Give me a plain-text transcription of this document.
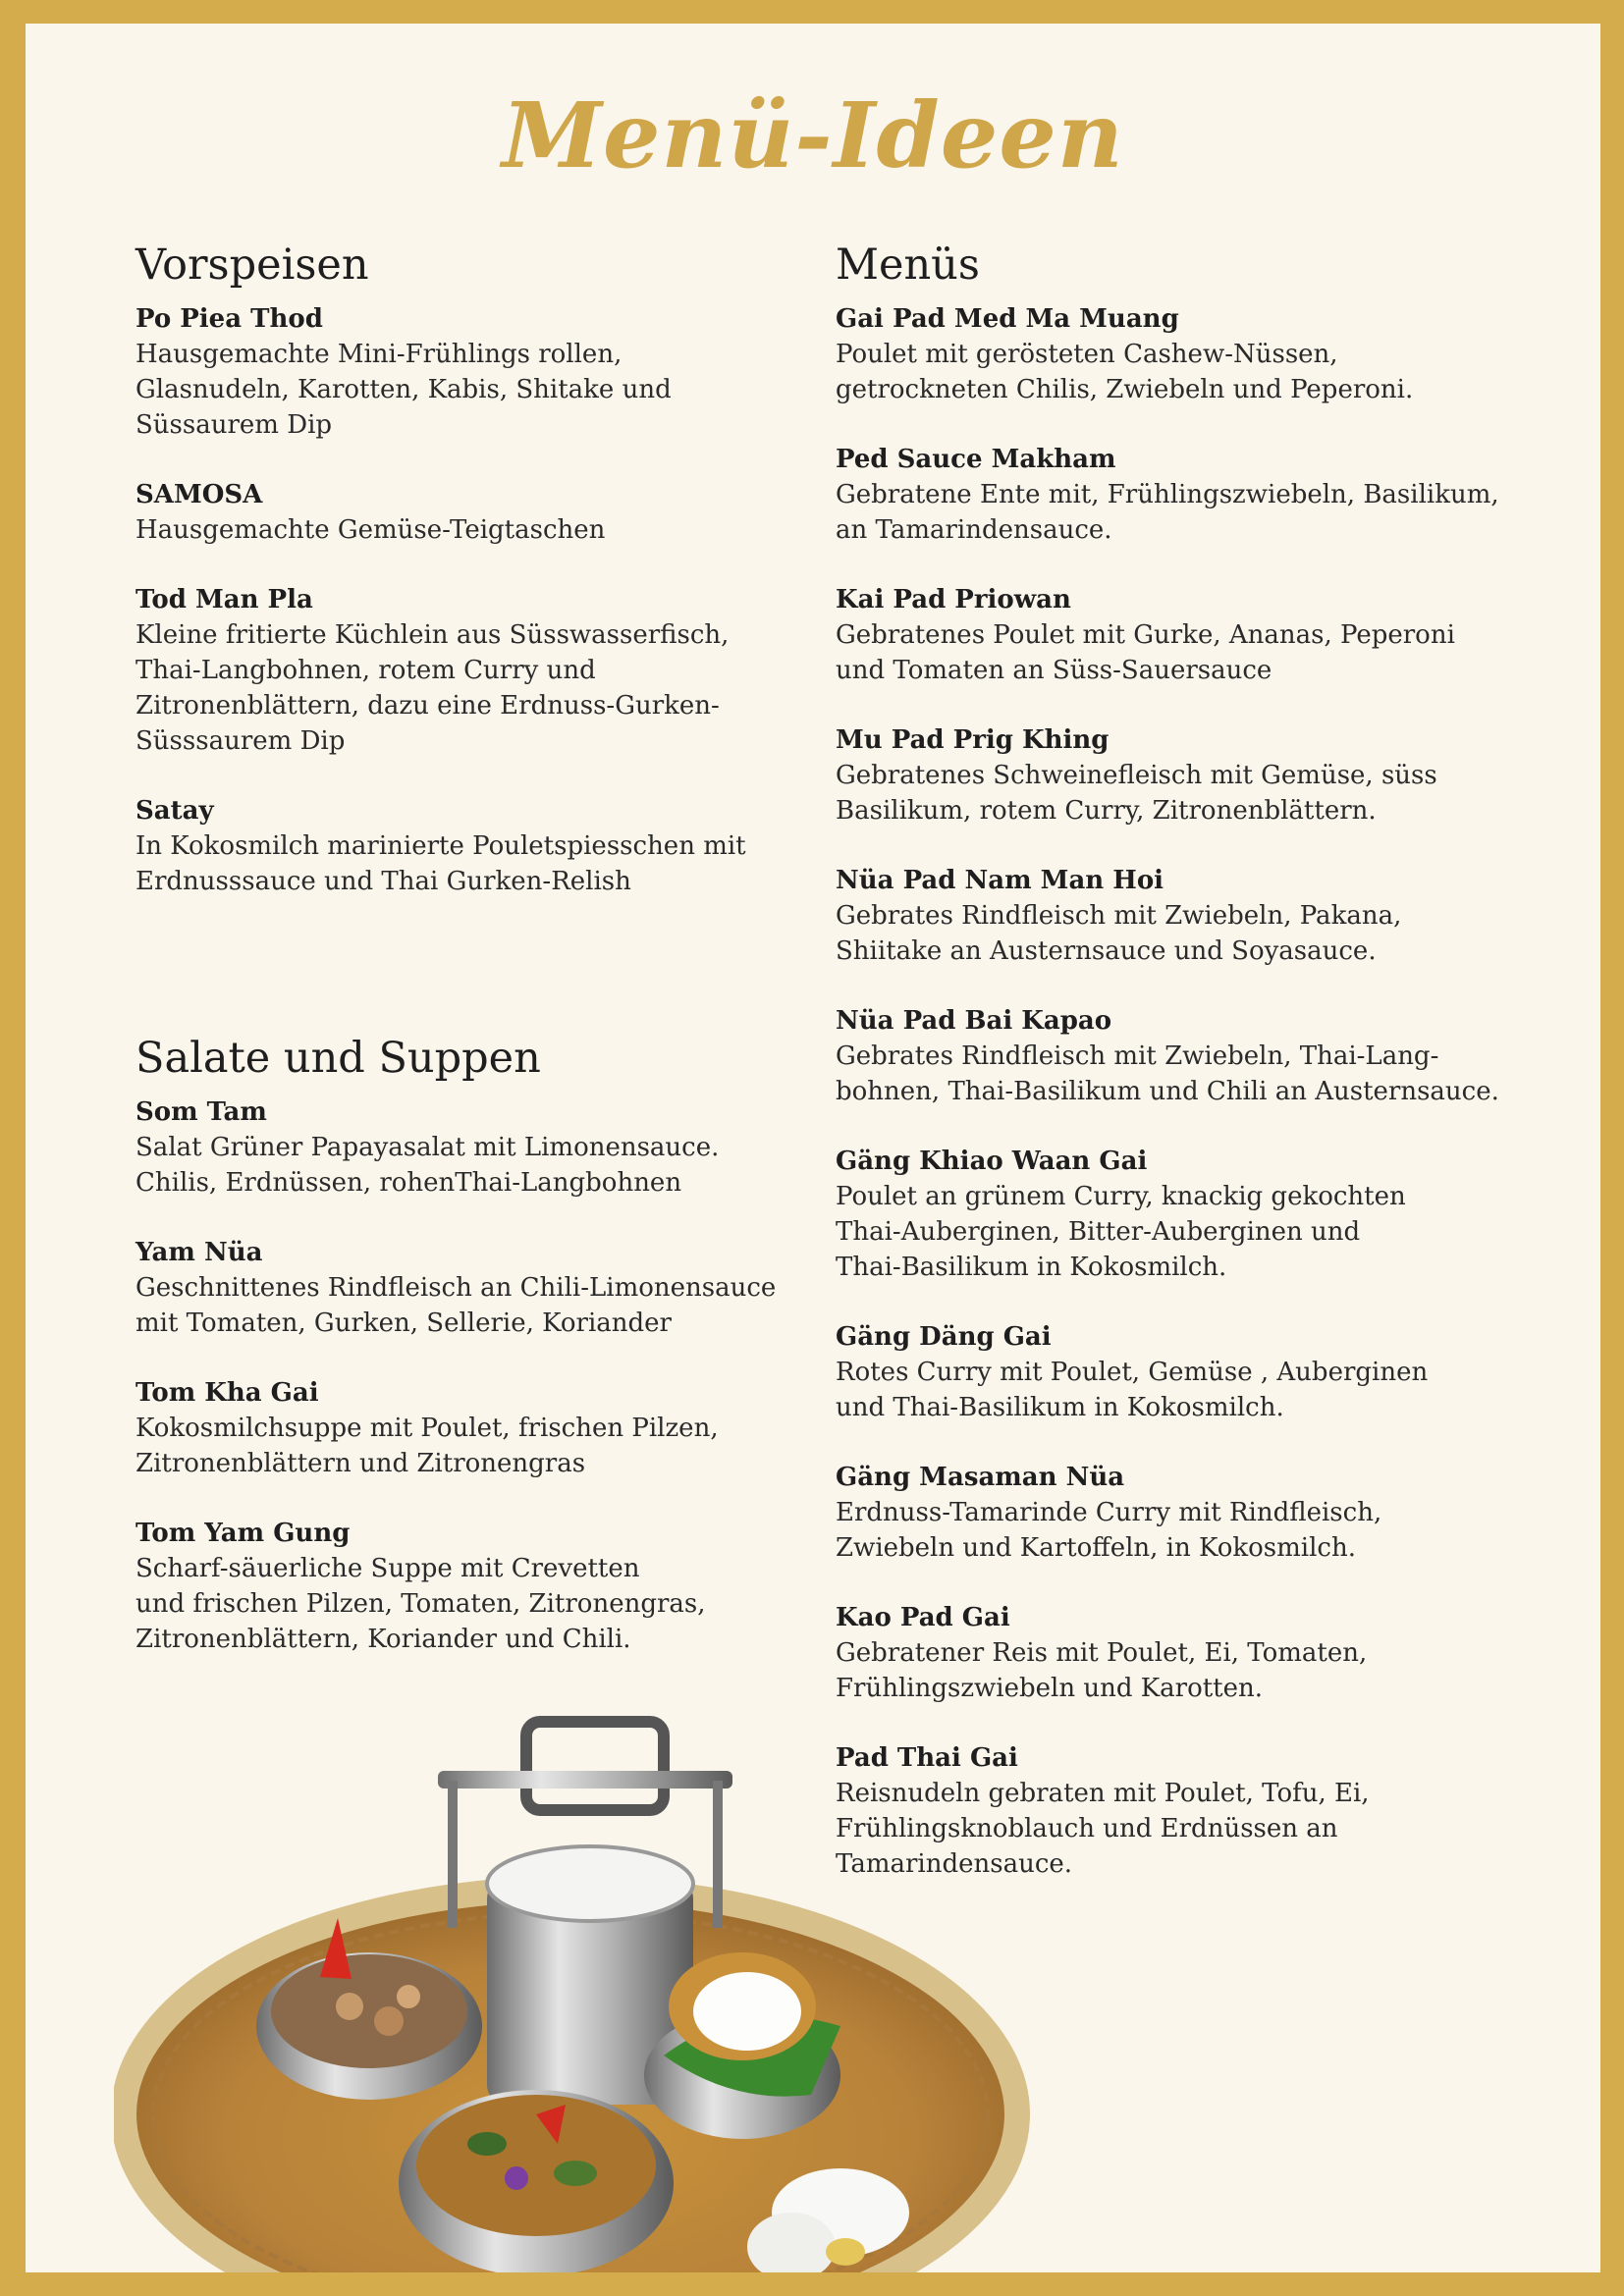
Menü-Ideen
Vorspeisen
Po Piea Thod
Hausgemachte Mini-Frühlings rollen,
Glasnudeln, Karotten, Kabis, Shitake und
Süssaurem Dip
SAMOSA
Hausgemachte Gemüse-Teigtaschen
Tod Man Pla
Kleine fritierte Küchlein aus Süsswasserfisch,
Thai-Langbohnen, rotem Curry und
Zitronenblättern, dazu eine Erdnuss-Gurken-
Süsssaurem Dip
Satay
In Kokosmilch marinierte Pouletspiesschen mit
Erdnusssauce und Thai Gurken-Relish
Salate und Suppen
Som Tam
Salat Grüner Papayasalat mit Limonensauce.
Chilis, Erdnüssen, rohenThai-Langbohnen
Yam Nüa
Geschnittenes Rindfleisch an Chili-Limonensauce
mit Tomaten, Gurken, Sellerie, Koriander
Tom Kha Gai
Kokosmilchsuppe mit Poulet, frischen Pilzen,
Zitronenblättern und Zitronengras
Tom Yam Gung
Scharf-säuerliche Suppe mit Crevetten
und frischen Pilzen, Tomaten, Zitronengras,
Zitronenblättern, Koriander und Chili.
Menüs
Gai Pad Med Ma Muang
Poulet mit gerösteten Cashew-Nüssen,
getrockneten Chilis, Zwiebeln und Peperoni.
Ped Sauce Makham
Gebratene Ente mit, Frühlingszwiebeln, Basilikum,
an Tamarindensauce.
Kai Pad Priowan
Gebratenes Poulet mit Gurke, Ananas, Peperoni
und Tomaten an Süss-Sauersauce
Mu Pad Prig Khing
Gebratenes Schweinefleisch mit Gemüse, süss
Basilikum, rotem Curry, Zitronenblättern.
Nüa Pad Nam Man Hoi
Gebrates Rindfleisch mit Zwiebeln, Pakana,
Shiitake an Austernsauce und Soyasauce.
Nüa Pad Bai Kapao
Gebrates Rindfleisch mit Zwiebeln, Thai-Lang-
bohnen, Thai-Basilikum und Chili an Austernsauce.
Gäng Khiao Waan Gai
Poulet an grünem Curry, knackig gekochten
Thai-Auberginen, Bitter-Auberginen und
Thai-Basilikum in Kokosmilch.
Gäng Däng Gai
Rotes Curry mit Poulet, Gemüse , Auberginen
und Thai-Basilikum in Kokosmilch.
Gäng Masaman Nüa
Erdnuss-Tamarinde Curry mit Rindfleisch,
Zwiebeln und Kartoffeln, in Kokosmilch.
Kao Pad Gai
Gebratener Reis mit Poulet, Ei, Tomaten,
Frühlingszwiebeln und Karotten.
Pad Thai Gai
Reisnudeln gebraten mit Poulet, Tofu, Ei,
Frühlingsknoblauch und Erdnüssen an
Tamarindensauce.
